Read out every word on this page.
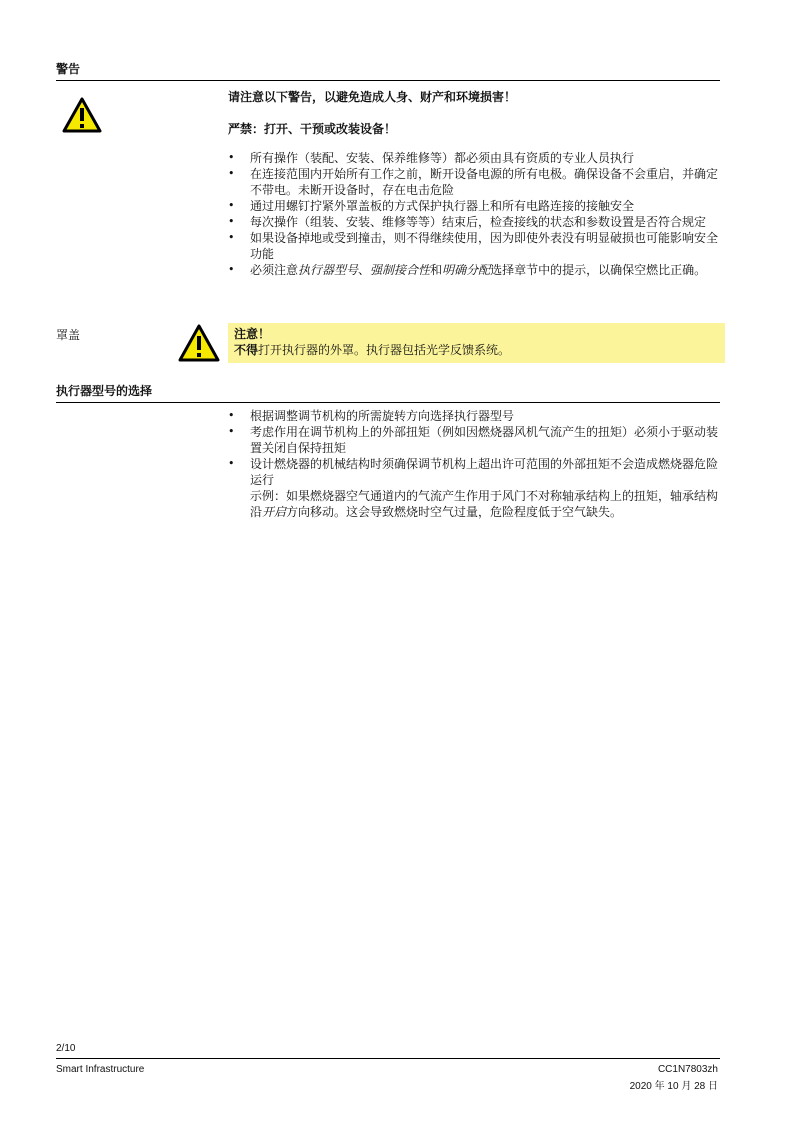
警告
请注意以下警告，以避免造成人身、财产和环境损害！
严禁：打开、干预或改装设备！
• 所有操作（装配、安装、保养维修等）都必须由具有资质的专业人员执行
• 在连接范围内开始所有工作之前，断开设备电源的所有电极。确保设备不会重启，并确定不带电。未断开设备时，存在电击危险
• 通过用螺钉拧紧外罩盖板的方式保护执行器上和所有电路连接的接触安全
• 每次操作（组装、安装、维修等等）结束后，检查接线的状态和参数设置是否符合规定
• 如果设备掉地或受到撞击，则不得继续使用，因为即使外表没有明显破损也可能影响安全功能
• 必须注意执行器型号、强制接合性和明确分配选择章节中的提示，以确保空燃比正确。
罩盖	注意！
不得打开执行器的外罩。执行器包括光学反馈系统。
执行器型号的选择
• 根据调整调节机构的所需旋转方向选择执行器型号
• 考虑作用在调节机构上的外部扭矩（例如因燃烧器风机气流产生的扭矩）必须小于驱动装置关闭自保持扭矩
• 设计燃烧器的机械结构时须确保调节机构上超出许可范围的外部扭矩不会造成燃烧器危险运行
示例：如果燃烧器空气通道内的气流产生作用于风门不对称轴承结构上的扭矩，轴承结构沿开启方向移动。这会导致燃烧时空气过量，危险程度低于空气缺失。
2/10
Smart Infrastructure	CC1N7803zh
2020 年 10 月 28 日
